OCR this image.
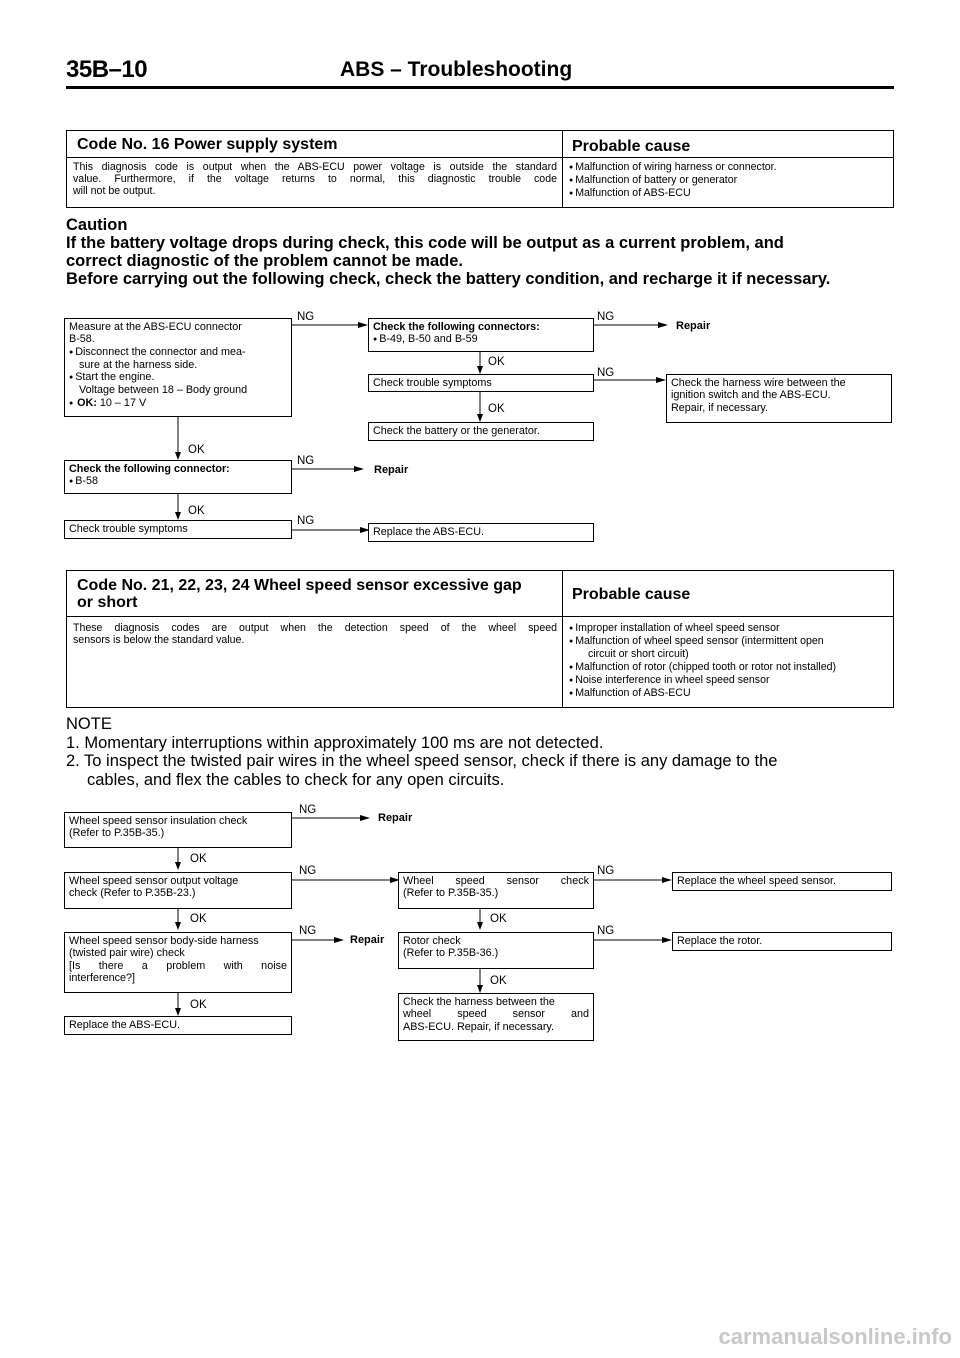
35B–10	ABS – Troubleshooting
Code No. 16 Power supply system	Probable cause
This diagnosis code is output when the ABS-ECU power voltage is outside the standard
value. Furthermore, if the voltage returns to normal, this diagnostic trouble code
will not be output.
● Malfunction of wiring harness or connector.
● Malfunction of battery or generator
● Malfunction of ABS-ECU
Caution
If the battery voltage drops during check, this code will be output as a current problem, and
correct diagnostic of the problem cannot be made.
Before carrying out the following check, check the battery condition, and recharge it if necessary.
Measure at the ABS-ECU connector
B-58.
● Disconnect the connector and mea-
sure at the harness side.
● Start the engine.
Voltage between 18 – Body ground
●  OK: 10 – 17 V
Check the following connectors:
● B-49, B-50 and B-59
Repair
Check trouble symptoms	Check the harness wire between the
ignition switch and the ABS-ECU.
Repair, if necessary.
Check the battery or the generator.
Check the following connector:
● B-58
Repair
Check trouble symptoms	Replace the ABS-ECU.
NG	NG
NG
NG
NG
OK
OK
OK
OK
Code No. 21, 22, 23, 24 Wheel speed sensor excessive gap
or short	Probable cause
These diagnosis codes are output when the detection speed of the wheel speed
sensors is below the standard value.
● Improper installation of wheel speed sensor
● Malfunction of wheel speed sensor (intermittent open
circuit or short circuit)
● Malfunction of rotor (chipped tooth or rotor not installed)
● Noise interference in wheel speed sensor
● Malfunction of ABS-ECU
NOTE
1. Momentary interruptions within approximately 100 ms are not detected.
2. To inspect the twisted pair wires in the wheel speed sensor, check if there is any damage to the
cables, and flex the cables to check for any open circuits.
Wheel speed sensor insulation check
(Refer to P.35B-35.)
Repair
Wheel speed sensor output voltage
check (Refer to P.35B-23.)
Wheel speed sensor check
(Refer to P.35B-35.)
Replace the wheel speed sensor.
Wheel speed sensor body-side harness
(twisted pair wire) check
[Is there a problem with noise
interference?]
Repair Rotor check
(Refer to P.35B-36.)
Replace the rotor.
Check the harness between the
wheel speed sensor and
ABS-ECU. Repair, if necessary.
Replace the ABS-ECU.
NG
NG	NG
NG	NG
OK
OK
OK
OK
OK
carmanualsonline.info
